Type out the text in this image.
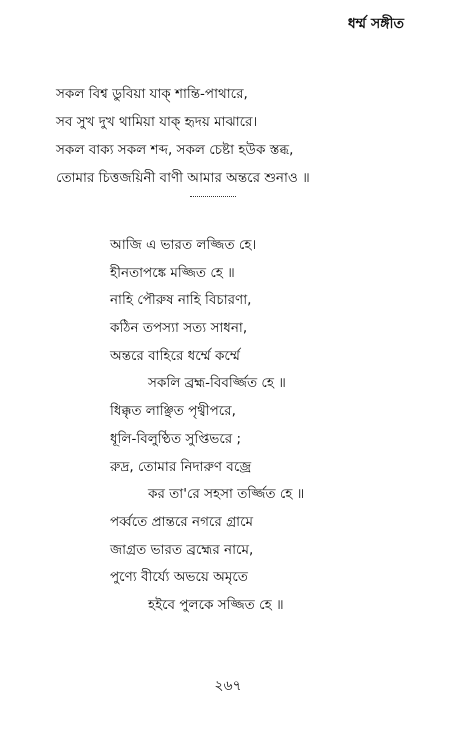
ধর্ম্ম সঙ্গীত
সকল বিশ্ব ডুবিয়া যাক্ শান্তি-পাথারে,
সব সুখ দুখ থামিয়া যাক্ হৃদয় মাঝারে।
সকল বাক্য সকল শব্দ, সকল চেষ্টা হউক স্তব্ধ,
তোমার চিত্তজয়িনী বাণী আমার অন্তরে শুনাও ॥
আজি এ ভারত লজ্জিত হে।
হীনতাপঙ্কে মজ্জিত হে ॥
নাহি পৌরুষ নাহি বিচারণা,
কঠিন তপস্যা সত্য সাধনা,
অন্তরে বাহিরে ধর্ম্মে কর্ম্মে
সকলি ব্রহ্ম-বিবর্জ্জিত হে ॥
ধিক্কৃত লাঞ্ছিত পৃথ্বীপরে,
ধূলি-বিলুণ্ঠিত সুপ্তিভরে ;
রুদ্র, তোমার নিদারুণ বজ্রে
কর তা'রে সহসা তর্জ্জিত হে ॥
পর্ব্বতে প্রান্তরে নগরে গ্রামে
জাগ্রত ভারত ব্রহ্মের নামে,
পুণ্যে বীর্য্যে অভয়ে অমৃতে
হইবে পুলকে সজ্জিত হে ॥
২৬৭
